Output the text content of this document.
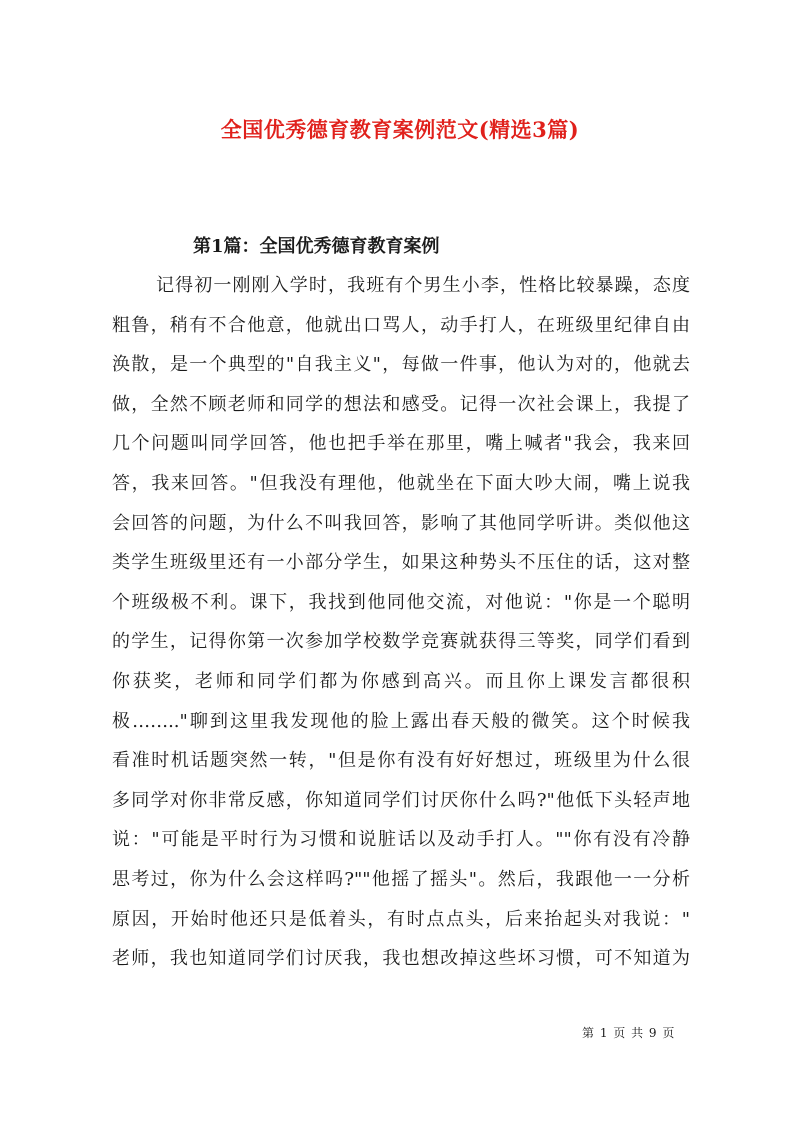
全国优秀德育教育案例范文(精选3篇)
第1篇：全国优秀德育教育案例

记得初一刚刚入学时，我班有个男生小李，性格比较暴躁，态度

粗鲁，稍有不合他意，他就出口骂人，动手打人，在班级里纪律自由

涣散，是一个典型的"自我主义"，每做一件事，他认为对的，他就去

做，全然不顾老师和同学的想法和感受。记得一次社会课上，我提了

几个问题叫同学回答，他也把手举在那里，嘴上喊者"我会，我来回

答，我来回答。"但我没有理他，他就坐在下面大吵大闹，嘴上说我

会回答的问题，为什么不叫我回答，影响了其他同学听讲。类似他这

类学生班级里还有一小部分学生，如果这种势头不压住的话，这对整

个班级极不利。课下，我找到他同他交流，对他说："你是一个聪明

的学生，记得你第一次参加学校数学竞赛就获得三等奖，同学们看到

你获奖，老师和同学们都为你感到高兴。而且你上课发言都很积

极…….."聊到这里我发现他的脸上露出春天般的微笑。这个时候我

看准时机话题突然一转，"但是你有没有好好想过，班级里为什么很

多同学对你非常反感，你知道同学们讨厌你什么吗?"他低下头轻声地

说："可能是平时行为习惯和说脏话以及动手打人。""你有没有冷静

思考过，你为什么会这样吗?""他摇了摇头"。然后，我跟他一一分析

原因，开始时他还只是低着头，有时点点头，后来抬起头对我说："

老师，我也知道同学们讨厌我，我也想改掉这些坏习惯，可不知道为

第 1 页 共 9 页
